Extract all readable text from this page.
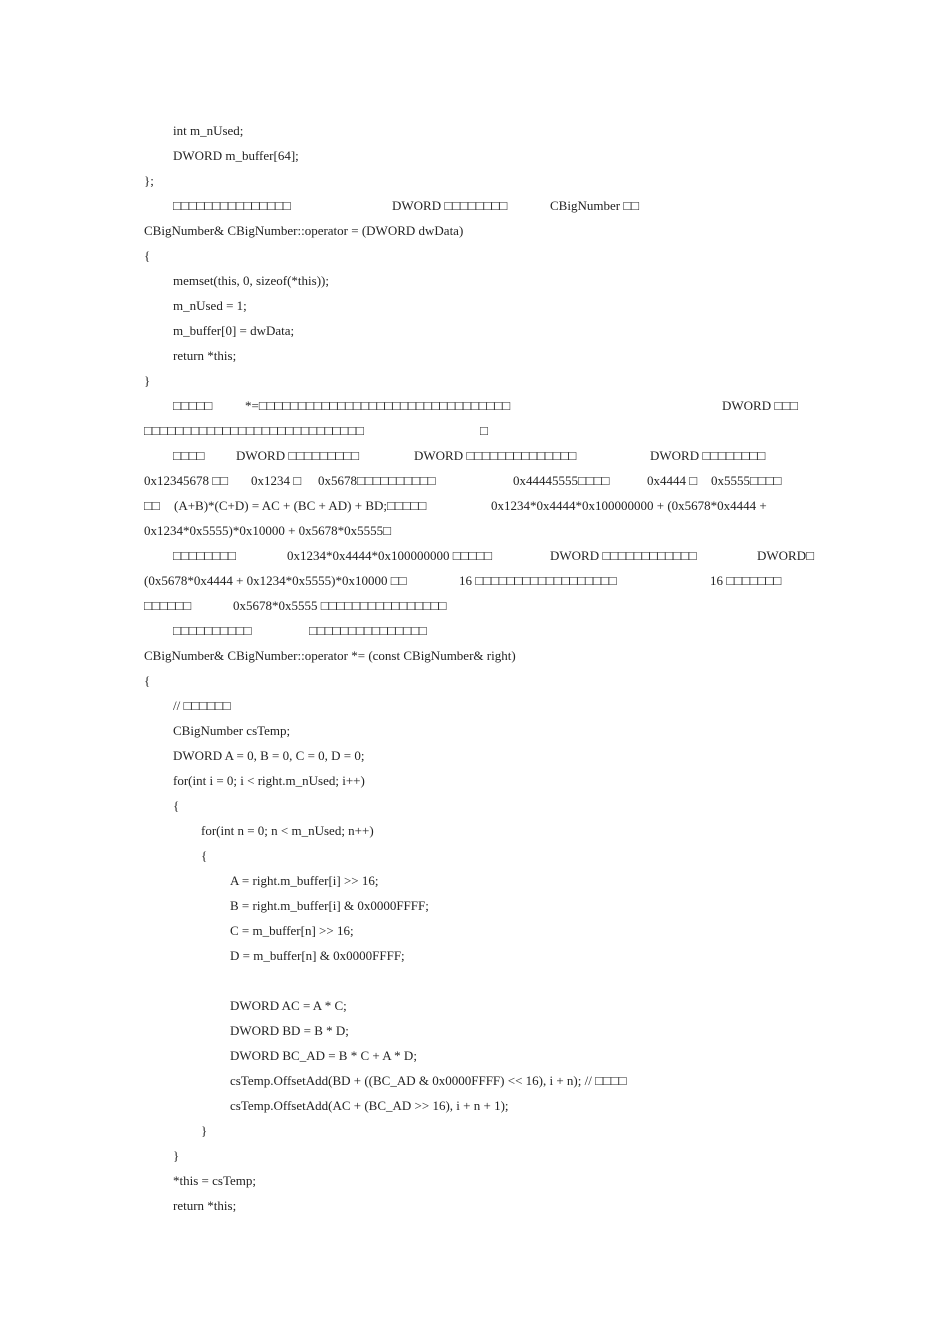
int m_nUsed;
DWORD m_buffer[64];
};

□□□□□□□□□□□□□□□

	DWORD □□□□□□□□

	CBigNumber □□

CBigNumber& CBigNumber::operator = (DWORD dwData)
{
memset(this, 0, sizeof(*this));
m_nUsed = 1;
m_buffer[0] = dwData;
return *this;
}

□□□□□

	*=□□□□□□□□□□□□□□□□□□□□□□□□□□□□□□□□

	DWORD □□□

□□□□□□□□□□□□□□□□□□□□□□□□□□□□

	□

□□□□

DWORD □□□□□□□□□

	DWORD □□□□□□□□□□□□□□

	DWORD □□□□□□□□

0x12345678 □□

0x1234 □

0x5678□□□□□□□□□□

	0x44445555□□□□

	0x4444 □

0x5555□□□□

□□

(A+B)*(C+D) = AC + (BC + AD) + BD;□□□□□

	0x1234*0x4444*0x100000000 + (0x5678*0x4444 +

0x1234*0x5555)*0x10000 + 0x5678*0x5555□

□□□□□□□□

	0x1234*0x4444*0x100000000 □□□□□

	DWORD □□□□□□□□□□□□

	DWORD□

(0x5678*0x4444 + 0x1234*0x5555)*0x10000 □□

	16 □□□□□□□□□□□□□□□□□□

	16 □□□□□□□

□□□□□□

	0x5678*0x5555 □□□□□□□□□□□□□□□□

□□□□□□□□□□

	□□□□□□□□□□□□□□□

CBigNumber& CBigNumber::operator *= (const CBigNumber& right)
{
// □□□□□□
CBigNumber csTemp;
DWORD A = 0, B = 0, C = 0, D = 0;
for(int i = 0; i < right.m_nUsed; i++)
{
for(int n = 0; n < m_nUsed; n++)
{
A = right.m_buffer[i] >> 16;
B = right.m_buffer[i] & 0x0000FFFF;
C = m_buffer[n] >> 16;
D = m_buffer[n] & 0x0000FFFF;
DWORD AC = A * C;
DWORD BD = B * D;
DWORD BC_AD = B * C + A * D;
csTemp.OffsetAdd(BD + ((BC_AD & 0x0000FFFF) << 16), i + n); // □□□□
csTemp.OffsetAdd(AC + (BC_AD >> 16), i + n + 1);
}
}
*this = csTemp;
return *this;
